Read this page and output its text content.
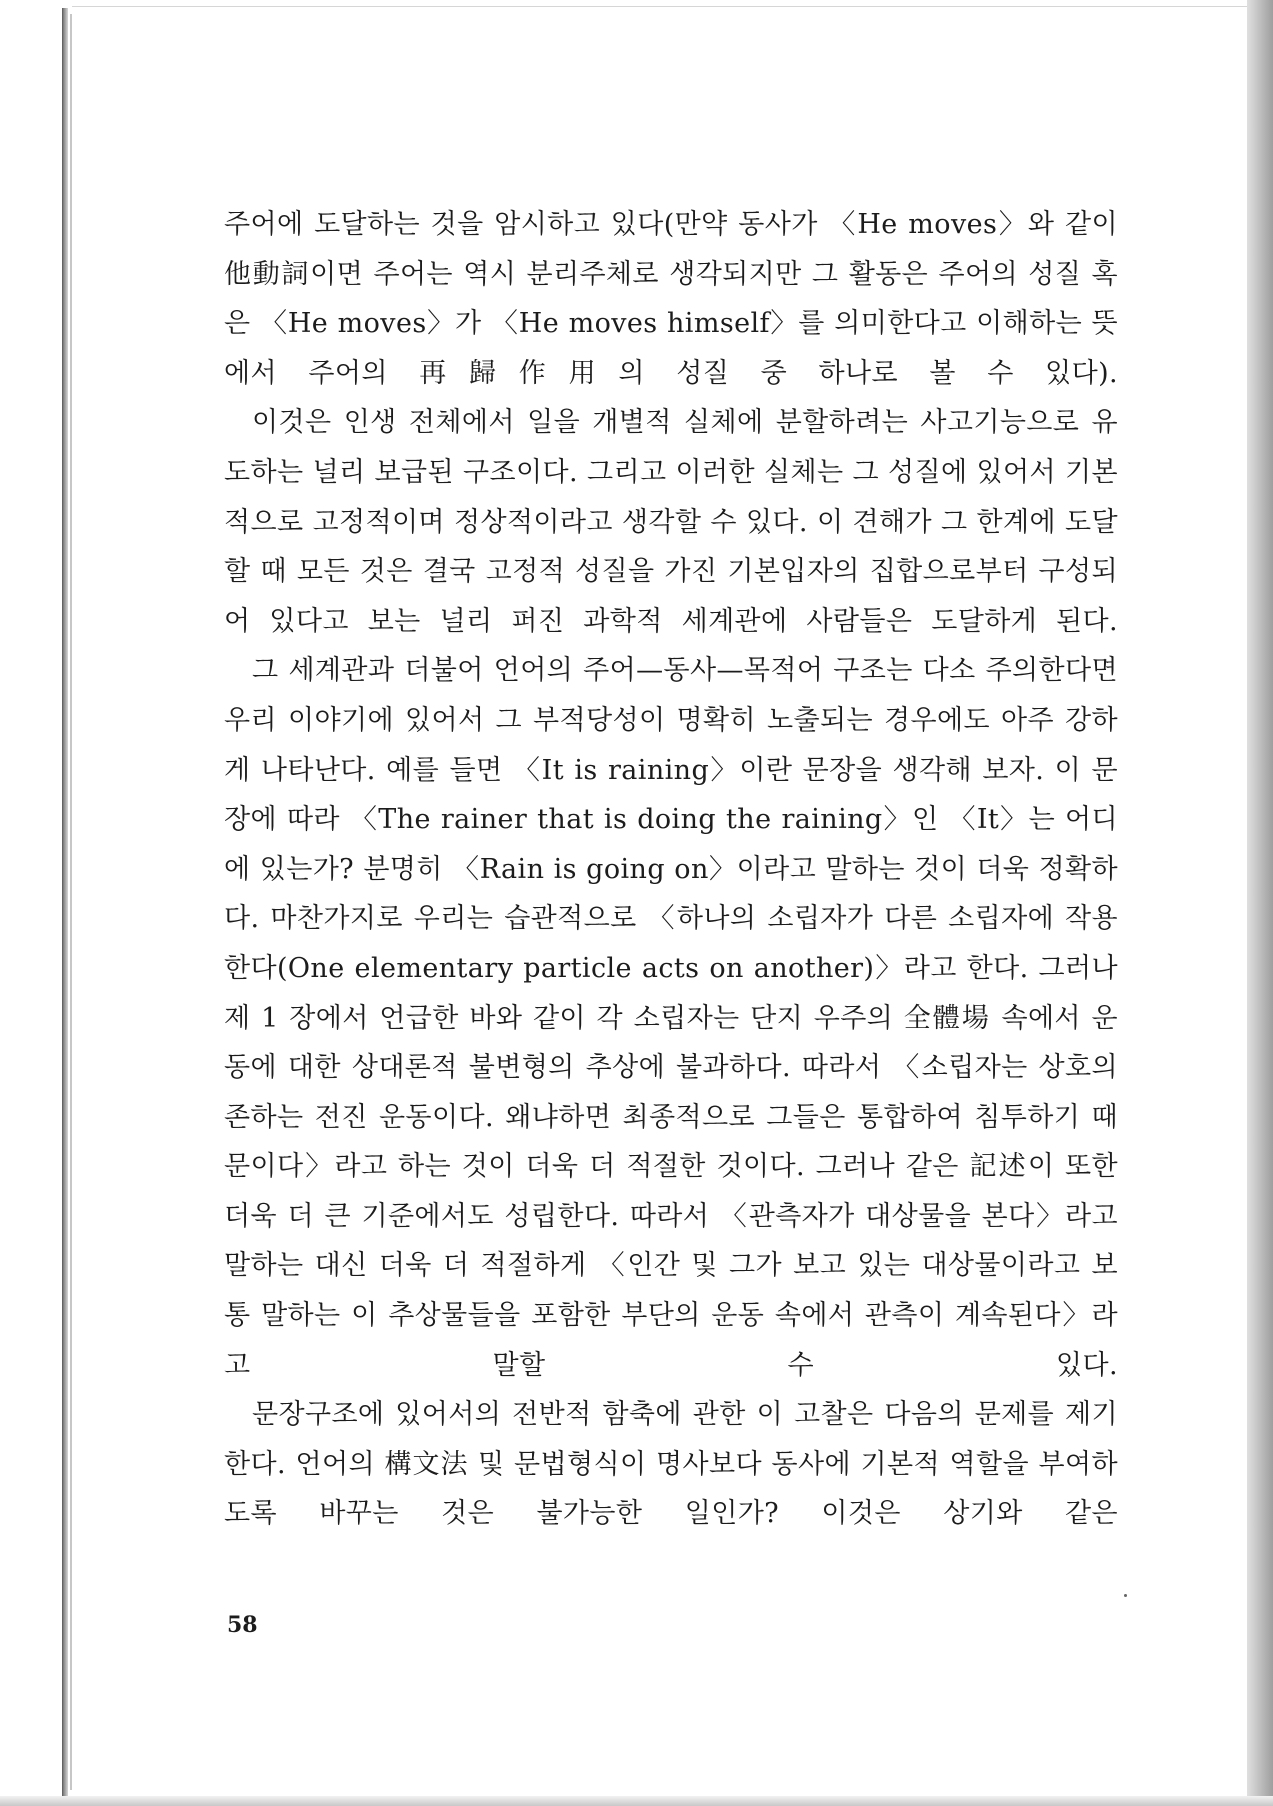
주어에 도달하는 것을 암시하고 있다(만약 동사가 〈He moves〉와 같이 他動詞이면 주어는 역시 분리주체로 생각되지만 그 활동은 주어의 성질 혹은 〈He moves〉가 〈He moves himself〉를 의미한다고 이해하는 뜻에서 주어의 再歸作用의 성질 중 하나로 볼 수 있다).

이것은 인생 전체에서 일을 개별적 실체에 분할하려는 사고기능으로 유도하는 널리 보급된 구조이다. 그리고 이러한 실체는 그 성질에 있어서 기본적으로 고정적이며 정상적이라고 생각할 수 있다. 이 견해가 그 한계에 도달할 때 모든 것은 결국 고정적 성질을 가진 기본입자의 집합으로부터 구성되어 있다고 보는 널리 퍼진 과학적 세계관에 사람들은 도달하게 된다.

그 세계관과 더불어 언어의 주어—동사—목적어 구조는 다소 주의한다면 우리 이야기에 있어서 그 부적당성이 명확히 노출되는 경우에도 아주 강하게 나타난다. 예를 들면 〈It is raining〉이란 문장을 생각해 보자. 이 문장에 따라 〈The rainer that is doing the raining〉인 〈It〉는 어디에 있는가? 분명히 〈Rain is going on〉이라고 말하는 것이 더욱 정확하다. 마찬가지로 우리는 습관적으로 〈하나의 소립자가 다른 소립자에 작용한다(One elementary particle acts on another)〉라고 한다. 그러나 제 1 장에서 언급한 바와 같이 각 소립자는 단지 우주의 全體場 속에서 운동에 대한 상대론적 불변형의 추상에 불과하다. 따라서 〈소립자는 상호의존하는 전진 운동이다. 왜냐하면 최종적으로 그들은 통합하여 침투하기 때문이다〉라고 하는 것이 더욱 더 적절한 것이다. 그러나 같은 記述이 또한 더욱 더 큰 기준에서도 성립한다. 따라서 〈관측자가 대상물을 본다〉라고 말하는 대신 더욱 더 적절하게 〈인간 및 그가 보고 있는 대상물이라고 보통 말하는 이 추상물들을 포함한 부단의 운동 속에서 관측이 계속된다〉라고 말할 수 있다.

문장구조에 있어서의 전반적 함축에 관한 이 고찰은 다음의 문제를 제기한다. 언어의 構文法 및 문법형식이 명사보다 동사에 기본적 역할을 부여하도록 바꾸는 것은 불가능한 일인가? 이것은 상기와 같은

58
